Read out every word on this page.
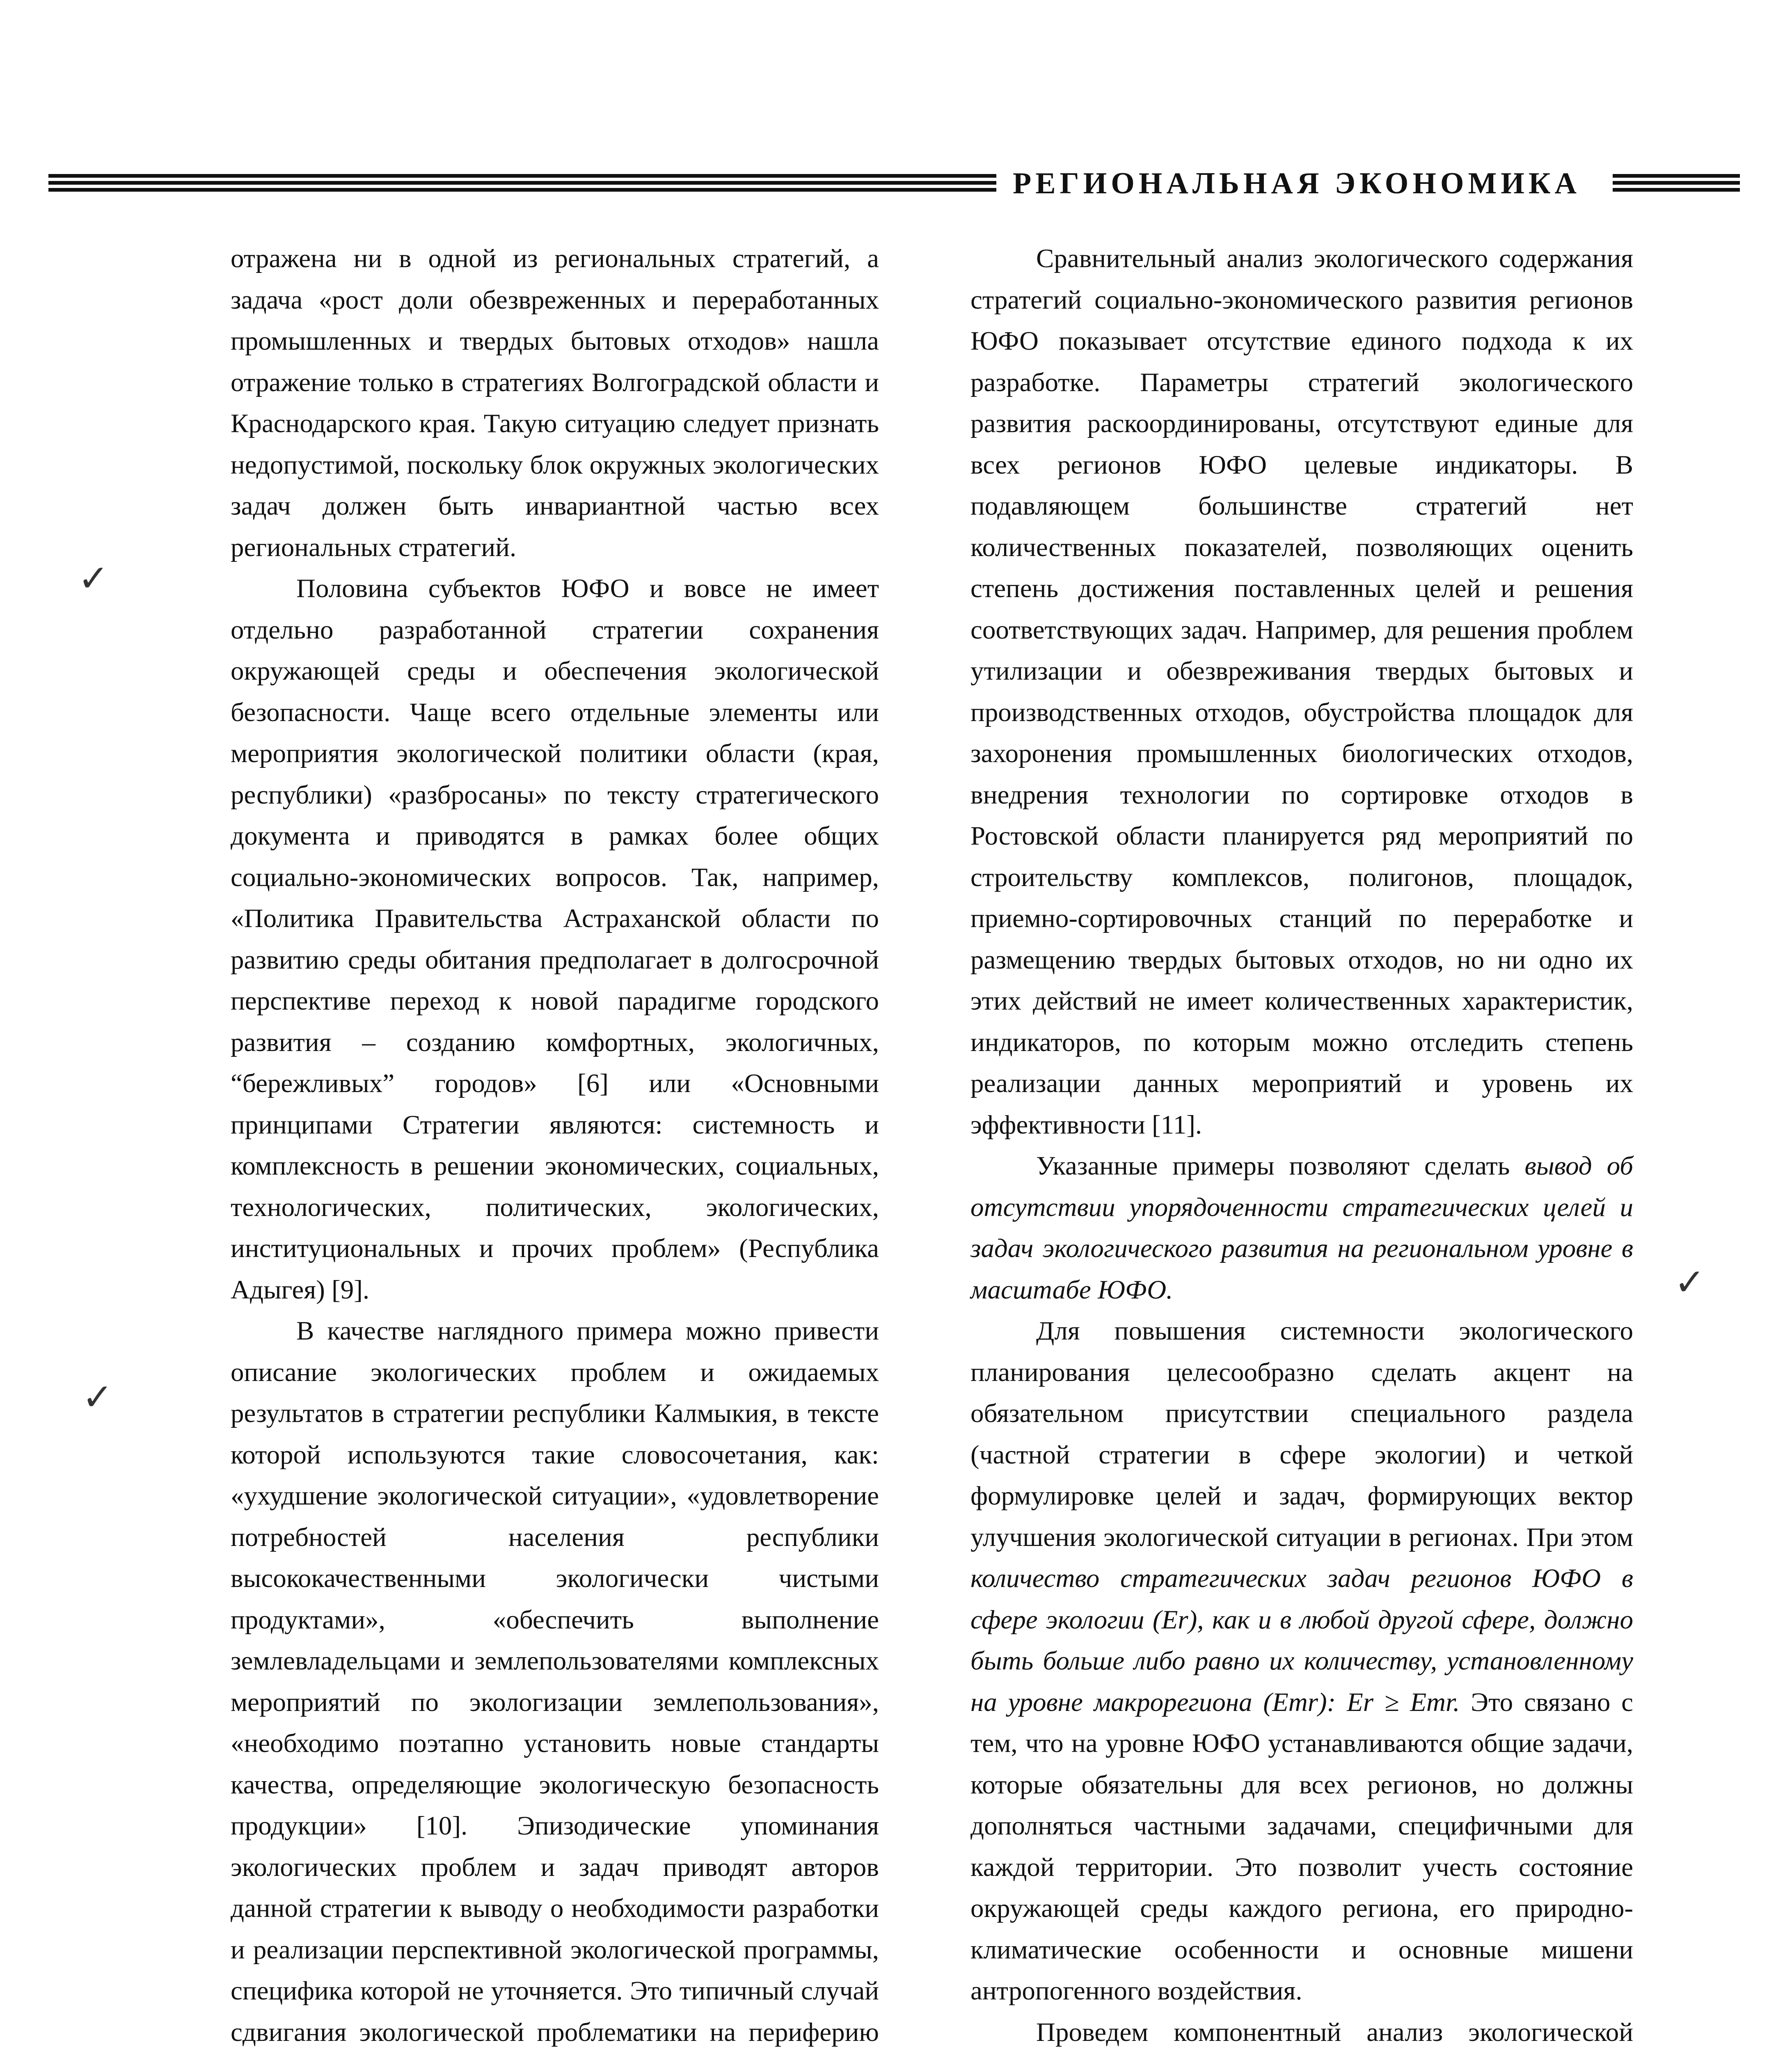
РЕГИОНАЛЬНАЯ ЭКОНОМИКА

отражена ни в одной из региональных стратегий, а задача «рост доли обезвреженных и переработанных промышленных и твердых бытовых отходов» нашла отражение только в стратегиях Волгоградской области и Краснодарского края. Такую ситуацию следует признать недопустимой, поскольку блок окружных экологических задач должен быть инвариантной частью всех региональных стратегий.

Половина субъектов ЮФО и вовсе не имеет отдельно разработанной стратегии сохранения окружающей среды и обеспечения экологической безопасности. Чаще всего отдельные элементы или мероприятия экологической политики области (края, республики) «разбросаны» по тексту стратегического документа и приводятся в рамках более общих социально-экономических вопросов. Так, например, «Политика Правительства Астраханской области по развитию среды обитания предполагает в долгосрочной перспективе переход к новой парадигме городского развития – созданию комфортных, экологичных, “бережливых” городов» [6] или «Основными принципами Стратегии являются: системность и комплексность в решении экономических, социальных, технологических, политических, экологических, институциональных и прочих проблем» (Республика Адыгея) [9].

В качестве наглядного примера можно привести описание экологических проблем и ожидаемых результатов в стратегии республики Калмыкия, в тексте которой используются такие словосочетания, как: «ухудшение экологической ситуации», «удовлетворение потребностей населения республики высококачественными экологически чистыми продуктами», «обеспечить выполнение землевладельцами и землепользователями комплексных мероприятий по экологизации землепользования», «необходимо поэтапно установить новые стандарты качества, определяющие экологическую безопасность продукции» [10]. Эпизодические упоминания экологических проблем и задач приводят авторов данной стратегии к выводу о необходимости разработки и реализации перспективной экологической программы, специфика которой не уточняется. Это типичный случай сдвигания экологической проблематики на периферию

Сравнительный анализ экологического содержания стратегий социально-экономического развития регионов ЮФО показывает отсутствие единого подхода к их разработке. Параметры стратегий экологического развития раскоординированы, отсутствуют единые для всех регионов ЮФО целевые индикаторы. В подавляющем большинстве стратегий нет количественных показателей, позволяющих оценить степень достижения поставленных целей и решения соответствующих задач. Например, для решения проблем утилизации и обезвреживания твердых бытовых и производственных отходов, обустройства площадок для захоронения промышленных биологических отходов, внедрения технологии по сортировке отходов в Ростовской области планируется ряд мероприятий по строительству комплексов, полигонов, площадок, приемно-сортировочных станций по переработке и размещению твердых бытовых отходов, но ни одно их этих действий не имеет количественных характеристик, индикаторов, по которым можно отследить степень реализации данных мероприятий и уровень их эффективности [11].

Указанные примеры позволяют сделать вывод об отсутствии упорядоченности стратегических целей и задач экологического развития на региональном уровне в масштабе ЮФО.

Для повышения системности экологического планирования целесообразно сделать акцент на обязательном присутствии специального раздела (частной стратегии в сфере экологии) и четкой формулировке целей и задач, формирующих вектор улучшения экологической ситуации в регионах. При этом количество стратегических задач регионов ЮФО в сфере экологии (Er), как и в любой другой сфере, должно быть больше либо равно их количеству, установленному на уровне макрорегиона (Emr): Er ≥ Emr. Это связано с тем, что на уровне ЮФО устанавливаются общие задачи, которые обязательны для всех регионов, но должны дополняться частными задачами, специфичными для каждой территории. Это позволит учесть состояние окружающей среды каждого региона, его природно-климатические особенности и основные мишени антропогенного воздействия.

Проведем компонентный анализ экологической

✓
✓
✓
